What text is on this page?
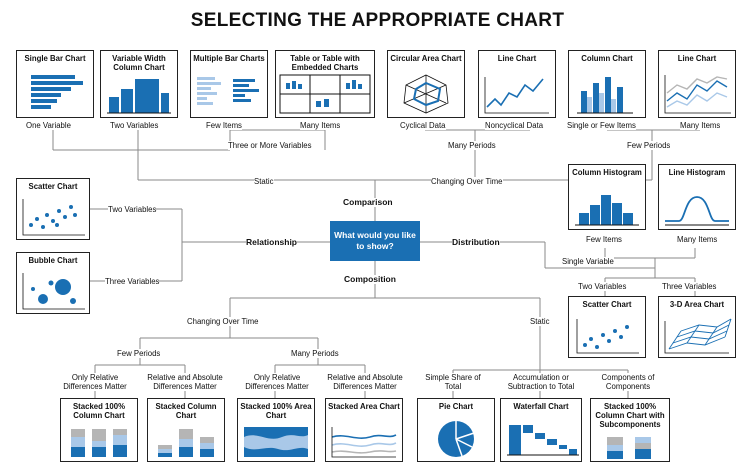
SELECTING THE APPROPRIATE CHART
What would you like to show?
Comparison
Relationship	Distribution
Composition
Single Bar Chart	Variable Width Column Chart
Multiple Bar Charts	Table or Table with Embedded Charts
Circular Area Chart	Line Chart	Column Chart	Line Chart
One Variable	Two Variables	Few Items	Many Items
Three or More Variables
Cyclical Data	Noncyclical Data	Single or Few Items	Many Items
Many Periods	Few Periods
Static	Changing Over Time
Scatter Chart
Bubble Chart
Two Variables
Three Variables
Column Histogram	Line Histogram
Few Items	Many Items
Single Variable
Two Variables	Three Variables
Scatter Chart	3-D Area Chart
Changing Over Time	Static
Few Periods	Many Periods
Only Relative Differences Matter
Relative and Absolute Differences Matter
Only Relative Differences Matter
Relative and Absolute Differences Matter
Simple Share of Total
Accumulation or Subtraction to Total
Components of Components
Stacked 100% Column Chart
Stacked Column Chart
Stacked 100% Area Chart
Stacked Area Chart	Pie Chart	Waterfall Chart	Stacked 100% Column Chart with Subcomponents
